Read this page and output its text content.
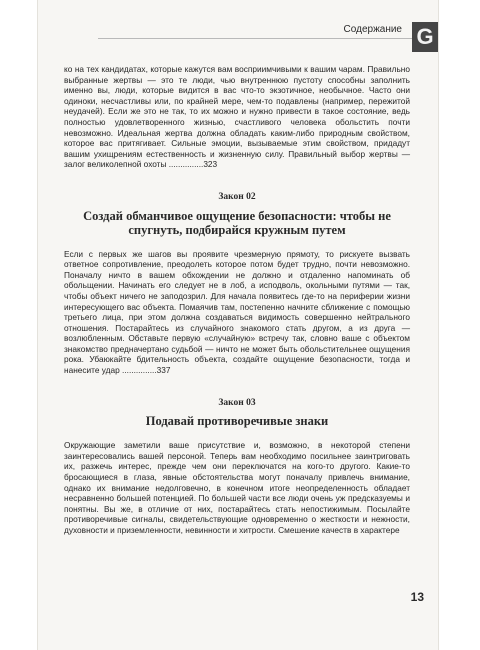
Содержание G

ко на тех кандидатах, которые кажутся вам восприимчивыми к вашим чарам. Правильно выбранные жертвы — это те люди, чью внутреннюю пустоту способны заполнить именно вы, люди, которые видится в вас что-то экзотичное, необычное. Часто они одиноки, несчастливы или, по крайней мере, чем-то подавлены (например, пережитой неудачей). Если же это не так, то их можно и нужно привести в такое состояние, ведь полностью удовлетворенного жизнью, счастливого человека обольстить почти невозможно. Идеальная жертва должна обладать каким-либо природным свойством, которое вас притягивает. Сильные эмоции, вызываемые этим свойством, придадут вашим ухищрениям естественность и жизненную силу. Правильный выбор жертвы — залог великолепной охоты ...............323

Закон 02
Создай обманчивое ощущение безопасности: чтобы не спугнуть, подбирайся кружным путем

Если с первых же шагов вы проявите чрезмерную прямоту, то рискуете вызвать ответное сопротивление, преодолеть которое потом будет трудно, почти невозможно. Поначалу ничто в вашем обхождении не должно и отдаленно напоминать об обольщении. Начинать его следует не в лоб, а исподволь, окольными путями — так, чтобы объект ничего не заподозрил. Для начала появитесь где-то на периферии жизни интересующего вас объекта. Помаячив там, постепенно начните сближение с помощью третьего лица, при этом должна создаваться видимость совершенно нейтрального отношения. Постарайтесь из случайного знакомого стать другом, а из друга — возлюбленным. Обставьте первую «случайную» встречу так, словно ваше с объектом знакомство предначертано судьбой — ничто не может быть обольстительнее ощущения рока. Убаюкайте бдительность объекта, создайте ощущение безопасности, тогда и нанесите удар ...............337

Закон 03
Подавай противоречивые знаки

Окружающие заметили ваше присутствие и, возможно, в некоторой степени заинтересовались вашей персоной. Теперь вам необходимо посильнее заинтриговать их, разжечь интерес, прежде чем они переключатся на кого-то другого. Какие-то бросающиеся в глаза, явные обстоятельства могут поначалу привлечь внимание, однако их внимание недолговечно, в конечном итоге неопределенность обладает несравненно большей потенцией. По большей части все люди очень уж предсказуемы и понятны. Вы же, в отличие от них, постарайтесь стать непостижимым. Посылайте противоречивые сигналы, свидетельствующие одновременно о жесткости и нежности, духовности и приземленности, невинности и хитрости. Смешение качеств в характере

13
